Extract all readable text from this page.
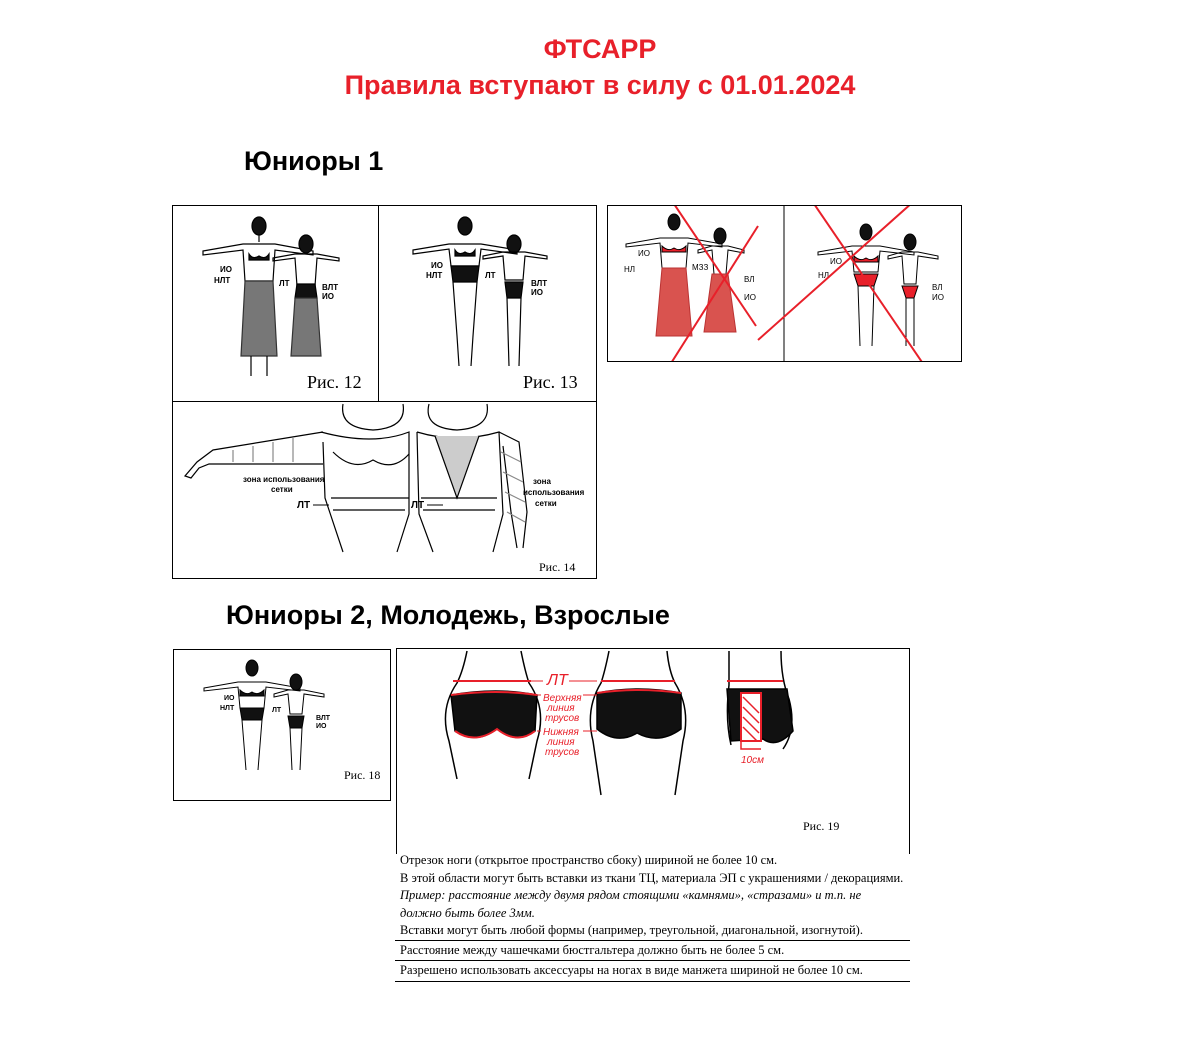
ФТСАРР
Правила вступают в силу с 01.01.2024
Юниоры 1
ИО
НЛТ	ЛТ	ВЛТ
ИО
Рис. 12
ИО
НЛТ	ЛТ
ВЛТ
ИО
Рис. 13
ИО
НЛ	МЗЗ
ВЛ
ИО
ИО
НЛ
ВЛ
ИО
зона использования
сетки
ЛТ	ЛТ
зона
использования
сетки
Рис. 14
Юниоры 2, Молодежь, Взрослые
ИО
НЛТ	ЛТ
ВЛТ
ИО
Рис. 18
ЛТ
Верхняя
линия
трусов
Нижняя
линия
трусов
10см
Рис. 19
Отрезок ноги (открытое пространство сбоку) шириной не более 10 см.
В этой области могут быть вставки из ткани ТЦ, материала ЭП с украшениями / декорациями.
Пример: расстояние между двумя рядом стоящими «камнями», «стразами» и т.п. не должно быть более 3мм.
Вставки могут быть любой формы (например, треугольной, диагональной, изогнутой).
Расстояние между чашечками бюстгальтера должно быть не более 5 см.
Разрешено использовать аксессуары на ногах в виде манжета шириной не более 10 см.
